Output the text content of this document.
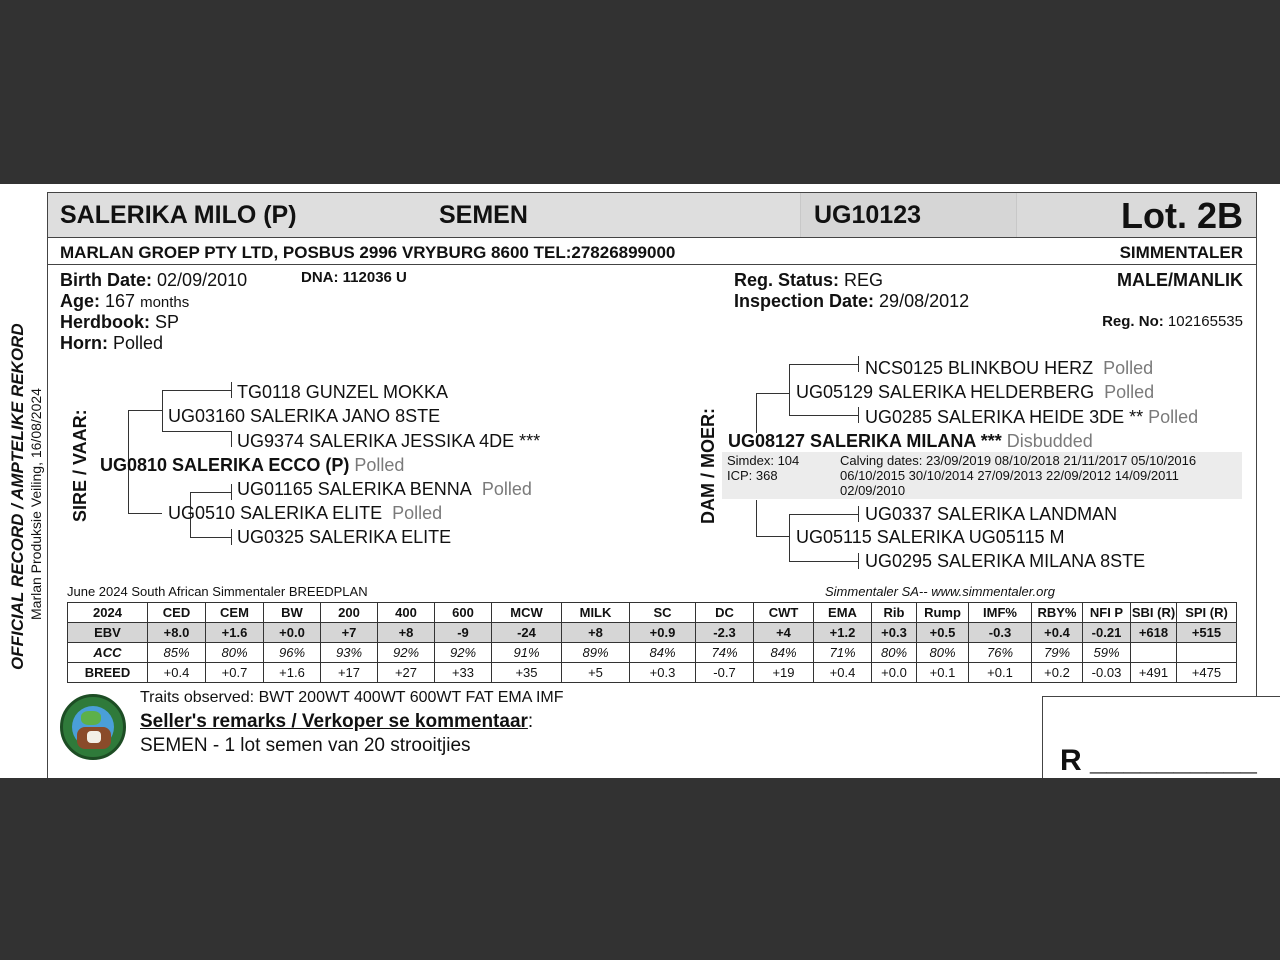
OFFICIAL RECORD / AMPTELIKE REKORD Marlan Produksie Veiling, 16/08/2024
SALERIKA MILO (P)	SEMEN	UG10123	Lot. 2B
MARLAN GROEP PTY LTD, POSBUS 2996 VRYBURG 8600 TEL:27826899000	SIMMENTALER
Birth Date: 02/09/2010	DNA: 112036 U
Age: 167 months
Herdbook: SP
Horn: Polled
Reg. Status: REG
Inspection Date: 29/08/2012
MALE/MANLIK
Reg. No: 102165535
SIRE / VAAR:
TG0118 GUNZEL MOKKA
UG03160 SALERIKA JANO 8STE
UG9374 SALERIKA JESSIKA 4DE ***
UG0810 SALERIKA ECCO (P) Polled
UG01165 SALERIKA BENNA Polled
UG0510 SALERIKA ELITE Polled
UG0325 SALERIKA ELITE
DAM / MOER:
NCS0125 BLINKBOU HERZ Polled
UG05129 SALERIKA HELDERBERG Polled
UG0285 SALERIKA HEIDE 3DE ** Polled
UG08127 SALERIKA MILANA *** Disbudded
Simdex: 104
ICP: 368
Calving dates: 23/09/2019 08/10/2018 21/11/2017 05/10/2016 06/10/2015 30/10/2014 27/09/2013 22/09/2012 14/09/2011 02/09/2010
UG0337 SALERIKA LANDMAN
UG05115 SALERIKA UG05115 M
UG0295 SALERIKA MILANA 8STE
June 2024 South African Simmentaler BREEDPLAN	Simmentaler SA-- www.simmentaler.org
2024	CED	CEM	BW	200	400	600	MCW	MILK	SC	DC	CWT	EMA	Rib	Rump	IMF%	RBY%	NFI P	SBI (R)	SPI (R)
EBV	+8.0	+1.6	+0.0	+7	+8	-9	-24	+8	+0.9	-2.3	+4	+1.2	+0.3	+0.5	-0.3	+0.4	-0.21	+618	+515
ACC	85%	80%	96%	93%	92%	92%	91%	89%	84%	74%	84%	71%	80%	80%	76%	79%	59%		
BREED	+0.4	+0.7	+1.6	+17	+27	+33	+35	+5	+0.3	-0.7	+19	+0.4	+0.0	+0.1	+0.1	+0.2	-0.03	+491	+475
Traits observed: BWT 200WT 400WT 600WT FAT EMA IMF
Seller's remarks / Verkoper se kommentaar:
SEMEN - 1 lot semen van 20 strooitjies	R __________
